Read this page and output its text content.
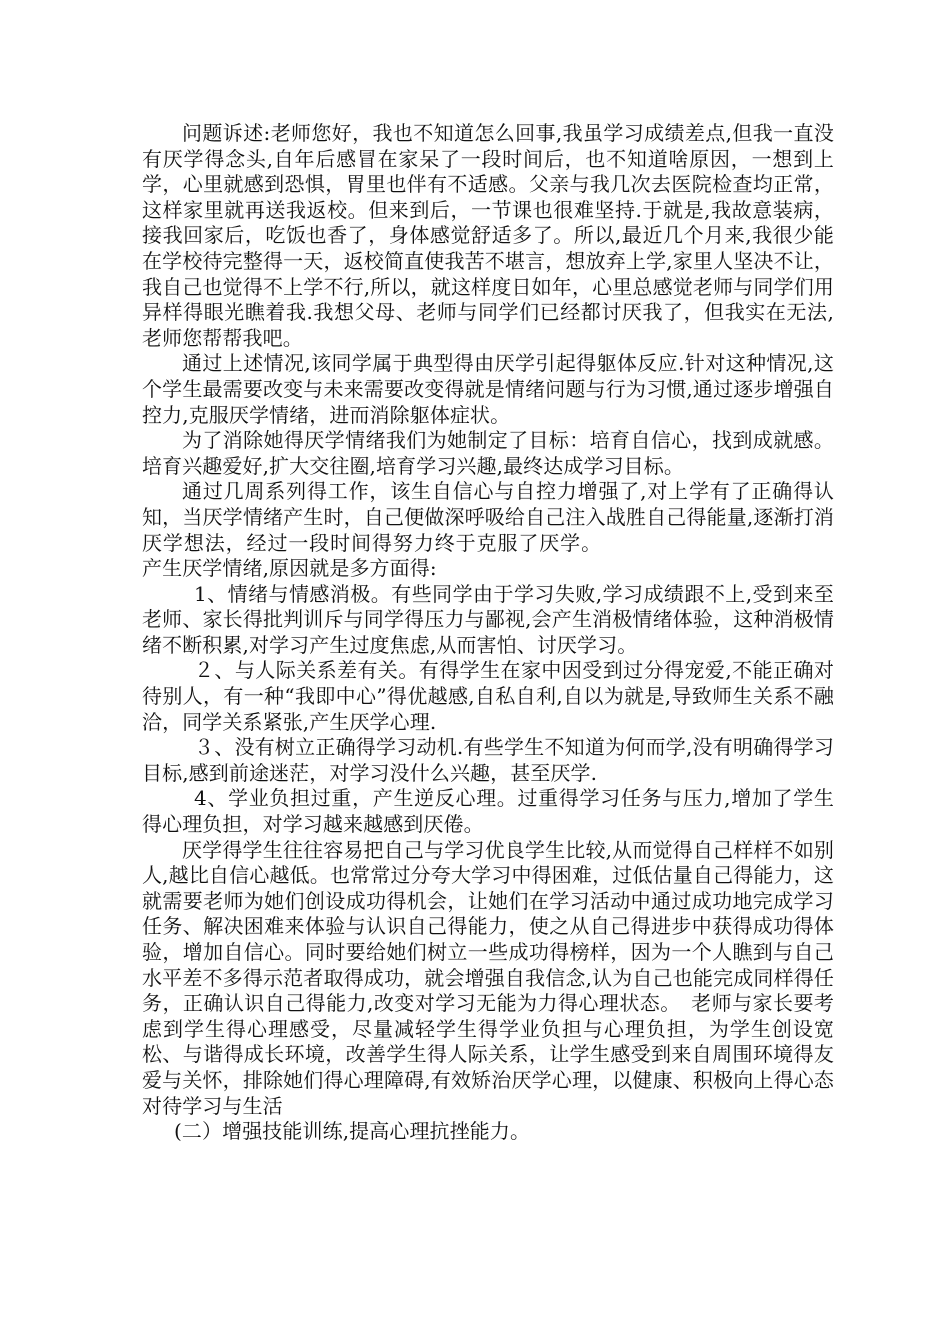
问题诉述:老师您好，我也不知道怎么回事,我虽学习成绩差点,但我一直没有厌学得念头,自年后感冒在家呆了一段时间后，也不知道啥原因，一想到上学，心里就感到恐惧，胃里也伴有不适感。父亲与我几次去医院检查均正常，这样家里就再送我返校。但来到后，一节课也很难坚持.于就是,我故意装病，接我回家后，吃饭也香了，身体感觉舒适多了。所以,最近几个月来,我很少能在学校待完整得一天，返校简直使我苦不堪言，想放弃上学,家里人坚决不让，我自己也觉得不上学不行,所以，就这样度日如年，心里总感觉老师与同学们用异样得眼光瞧着我.我想父母、老师与同学们已经都讨厌我了，但我实在无法,老师您帮帮我吧。

通过上述情况,该同学属于典型得由厌学引起得躯体反应.针对这种情况,这个学生最需要改变与未来需要改变得就是情绪问题与行为习惯,通过逐步增强自控力,克服厌学情绪，进而消除躯体症状。

为了消除她得厌学情绪我们为她制定了目标：培育自信心，找到成就感。培育兴趣爱好,扩大交往圈,培育学习兴趣,最终达成学习目标。

通过几周系列得工作，该生自信心与自控力增强了,对上学有了正确得认知，当厌学情绪产生时，自己便做深呼吸给自己注入战胜自己得能量,逐渐打消厌学想法，经过一段时间得努力终于克服了厌学。产生厌学情绪,原因就是多方面得:

1、情绪与情感消极。有些同学由于学习失败,学习成绩跟不上,受到来至老师、家长得批判训斥与同学得压力与鄙视,会产生消极情绪体验，这种消极情绪不断积累,对学习产生过度焦虑,从而害怕、讨厌学习。

２、与人际关系差有关。有得学生在家中因受到过分得宠爱,不能正确对待别人，有一种“我即中心”得优越感,自私自利,自以为就是,导致师生关系不融洽，同学关系紧张,产生厌学心理.

３、没有树立正确得学习动机.有些学生不知道为何而学,没有明确得学习目标,感到前途迷茫，对学习没什么兴趣，甚至厌学.

4、学业负担过重，产生逆反心理。过重得学习任务与压力,增加了学生得心理负担，对学习越来越感到厌倦。

厌学得学生往往容易把自己与学习优良学生比较,从而觉得自己样样不如别人,越比自信心越低。也常常过分夸大学习中得困难，过低估量自己得能力，这就需要老师为她们创设成功得机会，让她们在学习活动中通过成功地完成学习任务、解决困难来体验与认识自己得能力，使之从自己得进步中获得成功得体验，增加自信心。同时要给她们树立一些成功得榜样，因为一个人瞧到与自己水平差不多得示范者取得成功，就会增强自我信念,认为自己也能完成同样得任务，正确认识自己得能力,改变对学习无能为力得心理状态。　老师与家长要考虑到学生得心理感受，尽量减轻学生得学业负担与心理负担，为学生创设宽松、与谐得成长环境，改善学生得人际关系，让学生感受到来自周围环境得友爱与关怀，排除她们得心理障碍,有效矫治厌学心理，以健康、积极向上得心态对待学习与生活

(二）增强技能训练,提高心理抗挫能力。
